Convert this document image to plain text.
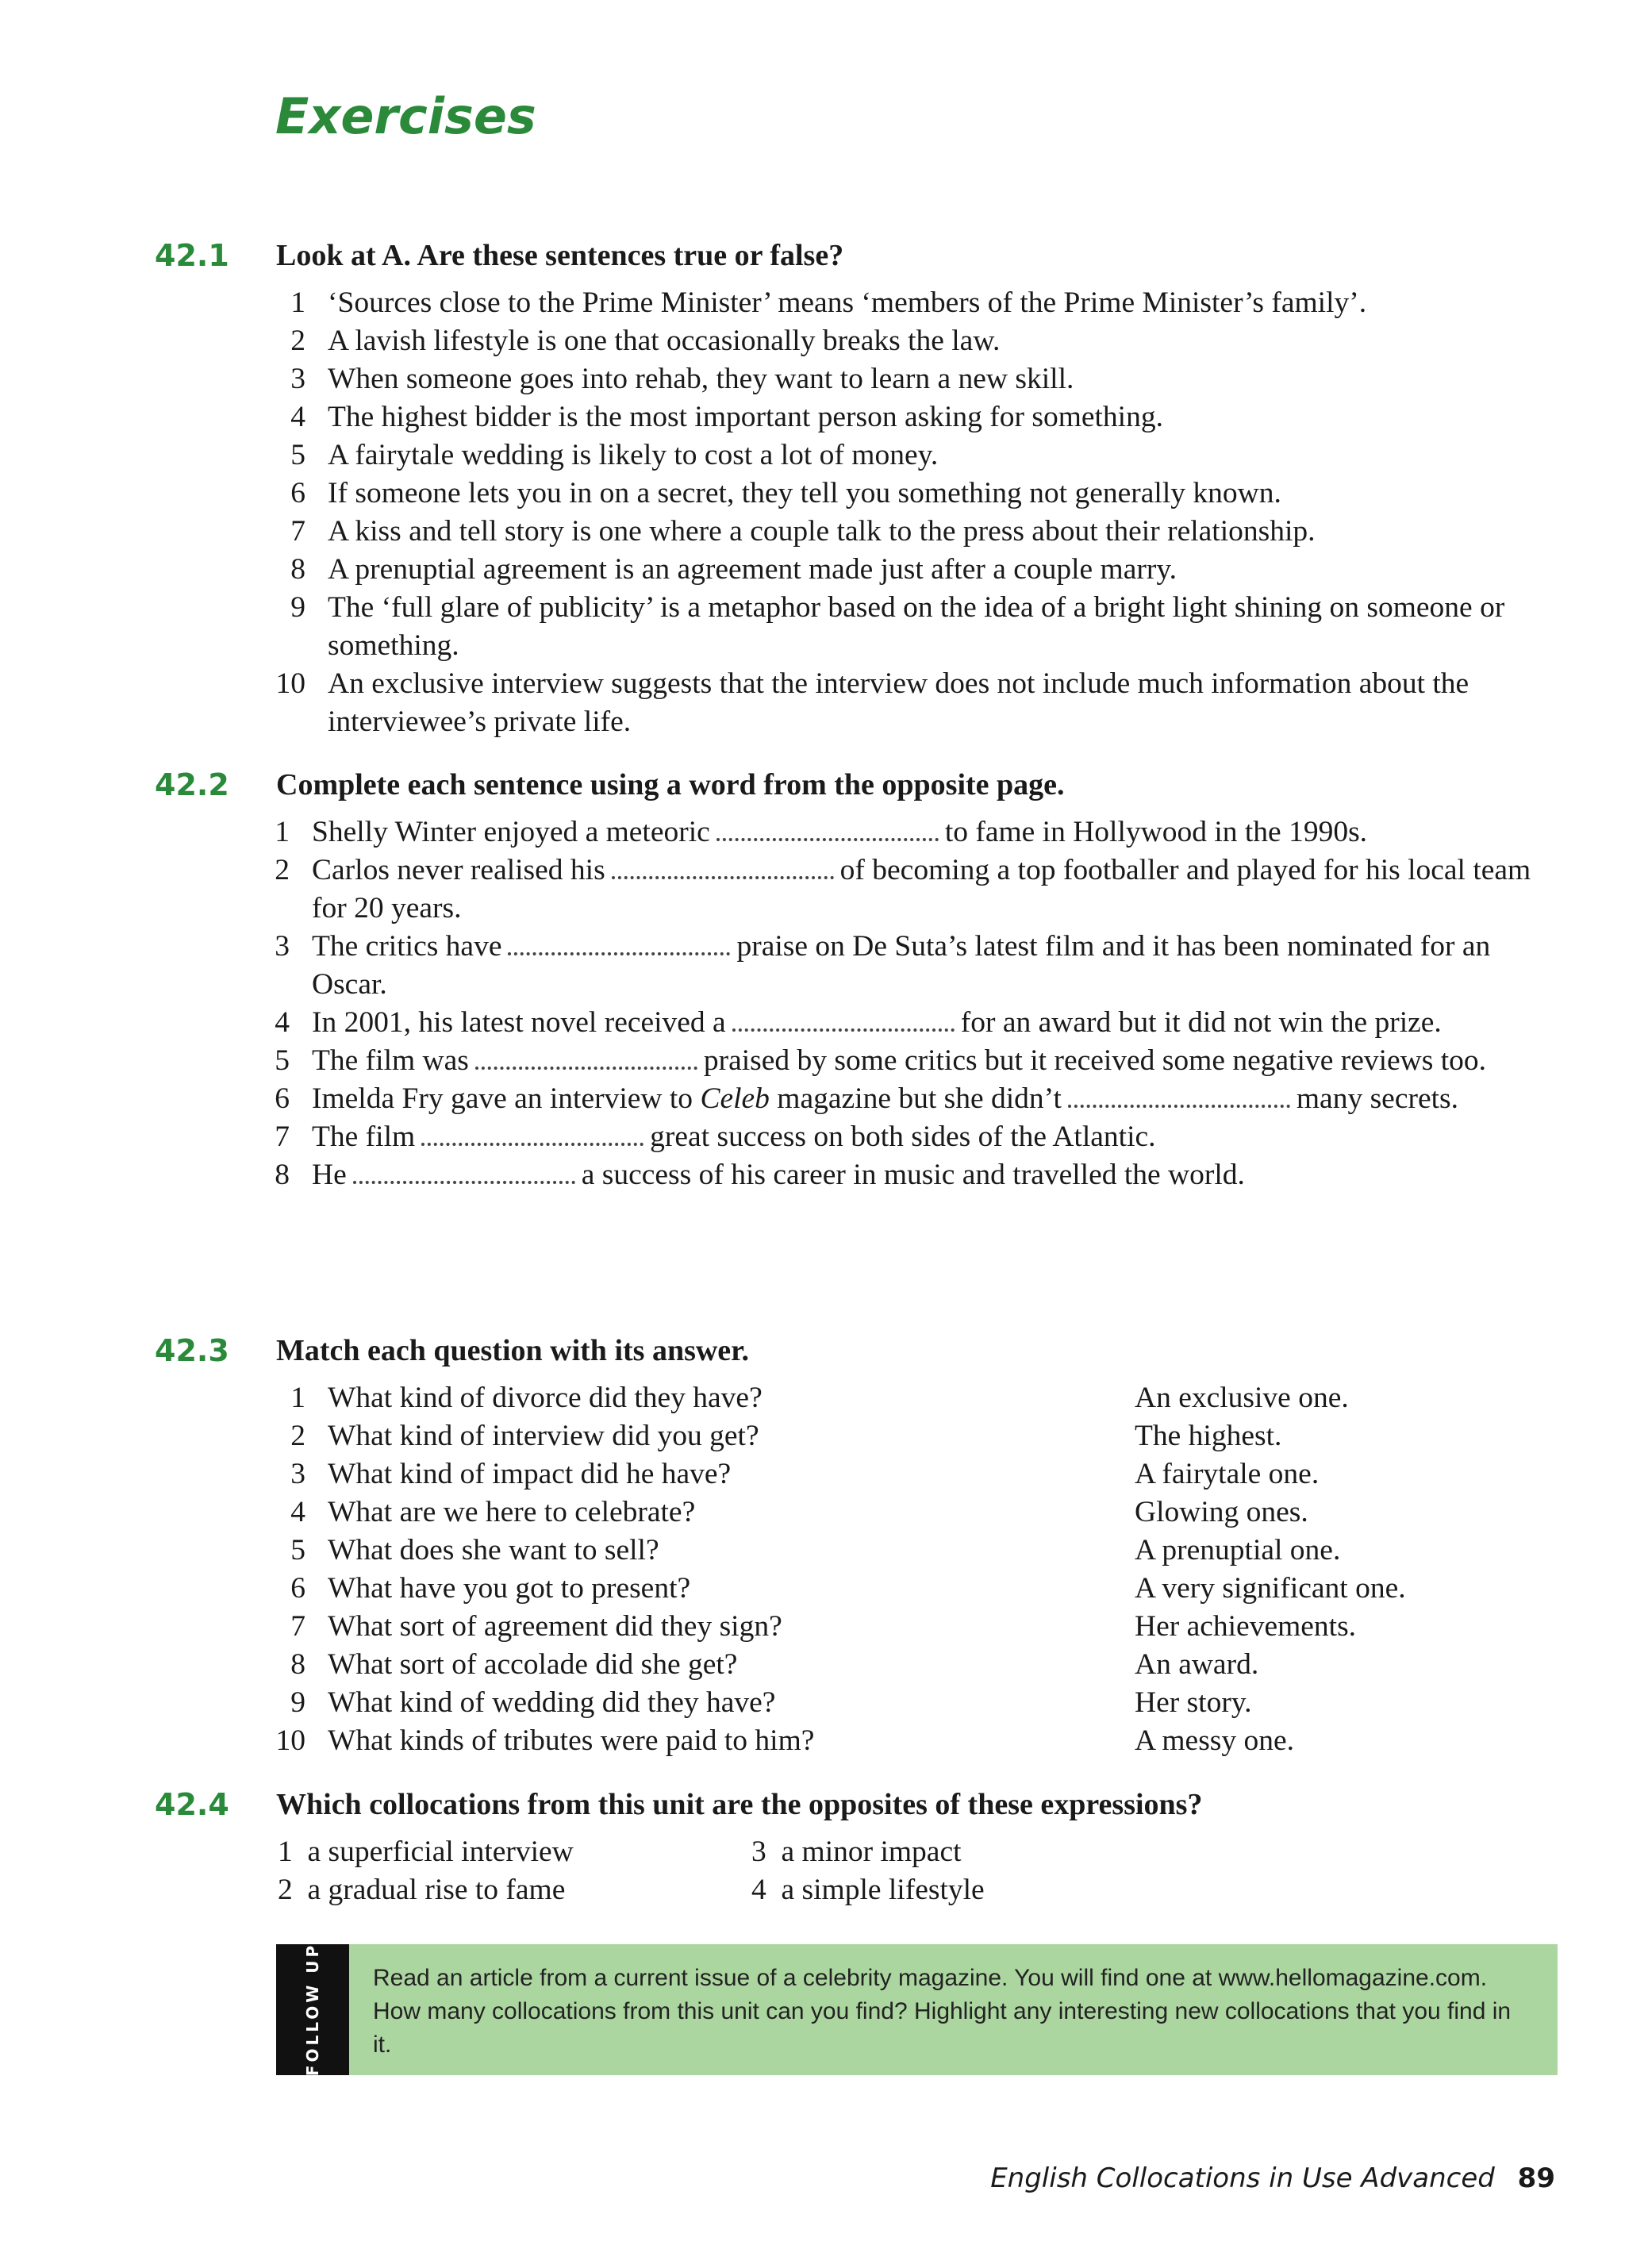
Exercises
42.1 Look at A. Are these sentences true or false?
1 ‘Sources close to the Prime Minister’ means ‘members of the Prime Minister’s family’.
2 A lavish lifestyle is one that occasionally breaks the law.
3 When someone goes into rehab, they want to learn a new skill.
4 The highest bidder is the most important person asking for something.
5 A fairytale wedding is likely to cost a lot of money.
6 If someone lets you in on a secret, they tell you something not generally known.
7 A kiss and tell story is one where a couple talk to the press about their relationship.
8 A prenuptial agreement is an agreement made just after a couple marry.
9 The ‘full glare of publicity’ is a metaphor based on the idea of a bright light shining on someone or something.
10 An exclusive interview suggests that the interview does not include much information about the interviewee’s private life.
42.2 Complete each sentence using a word from the opposite page.
1 Shelly Winter enjoyed a meteoric	to fame in Hollywood in the 1990s.
2 Carlos never realised his	of becoming a top footballer and played for his local team for 20 years.
3 The critics have	praise on De Suta’s latest film and it has been nominated for an Oscar.
4 In 2001, his latest novel received a	for an award but it did not win the prize.
5 The film was	praised by some critics but it received some negative reviews too.
6 Imelda Fry gave an interview to Celeb magazine but she didn’t	many secrets.
7 The film	great success on both sides of the Atlantic.
8 He	a success of his career in music and travelled the world.
42.3 Match each question with its answer.
1 What kind of divorce did they have?	An exclusive one.
2 What kind of interview did you get?	The highest.
3 What kind of impact did he have?	A fairytale one.
4 What are we here to celebrate?	Glowing ones.
5 What does she want to sell?	A prenuptial one.
6 What have you got to present?	A very significant one.
7 What sort of agreement did they sign?	Her achievements.
8 What sort of accolade did she get?	An award.
9 What kind of wedding did they have?	Her story.
10 What kinds of tributes were paid to him?	A messy one.
42.4 Which collocations from this unit are the opposites of these expressions?
1 a superficial interview
2 a gradual rise to fame
3 a minor impact
4 a simple lifestyle
FOLLOW UP Read an article from a current issue of a celebrity magazine. You will find one at www.hellomagazine.com. How many collocations from this unit can you find? Highlight any interesting new collocations that you find in it.
English Collocations in Use Advanced 89
